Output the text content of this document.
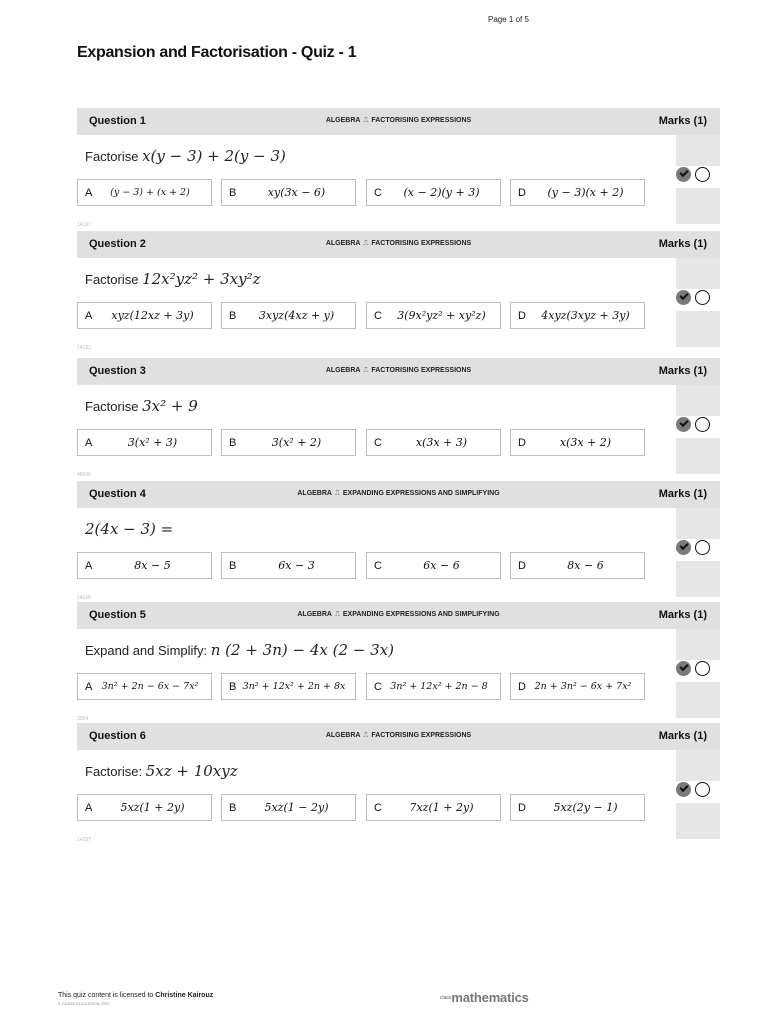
Page 1 of 5
Expansion and Factorisation - Quiz - 1
Question 1	ALGEBRA ⎍ FACTORISING EXPRESSIONS	Marks (1)
Factorise x(y − 3) + 2(y − 3)
A	(y − 3) + (x + 2)	B	xy(3x − 6)	C	(x − 2)(y + 3)	D	(y − 3)(x + 2)
14197
Question 2	ALGEBRA ⎍ FACTORISING EXPRESSIONS	Marks (1)
Factorise 12x²yz² + 3xy²z
A	xyz(12xz + 3y)	B	3xyz(4xz + y)	C	3(9x²yz² + xy²z)	D	4xyz(3xyz + 3y)
14192
Question 3	ALGEBRA ⎍ FACTORISING EXPRESSIONS	Marks (1)
Factorise 3x² + 9
A	3(x² + 3)	B	3(x² + 2)	C	x(3x + 3)	D	x(3x + 2)
46060
Question 4	ALGEBRA ⎍ EXPANDING EXPRESSIONS AND SIMPLIFYING	Marks (1)
2(4x − 3) =
A	8x − 5	B	6x − 3	C	6x − 6	D	8x − 6
14168
Question 5	ALGEBRA ⎍ EXPANDING EXPRESSIONS AND SIMPLIFYING	Marks (1)
Expand and Simplify: n (2 + 3n) − 4x (2 − 3x)
A 3n² + 2n − 6x − 7x²	B 3n² + 12x² + 2n + 8x	C 3n² + 12x² + 2n − 8	D 2n + 3n² − 6x + 7x²
3004
Question 6	ALGEBRA ⎍ FACTORISING EXPRESSIONS	Marks (1)
Factorise: 5xz + 10xyz
A	5xz(1 + 2y)	B	5xz(1 − 2y)	C	7xz(1 + 2y)	D	5xz(2y − 1)
14297
This quiz content is licensed to Christine Kairouz
© CLASS EDUCATION 2020
classmathematics
